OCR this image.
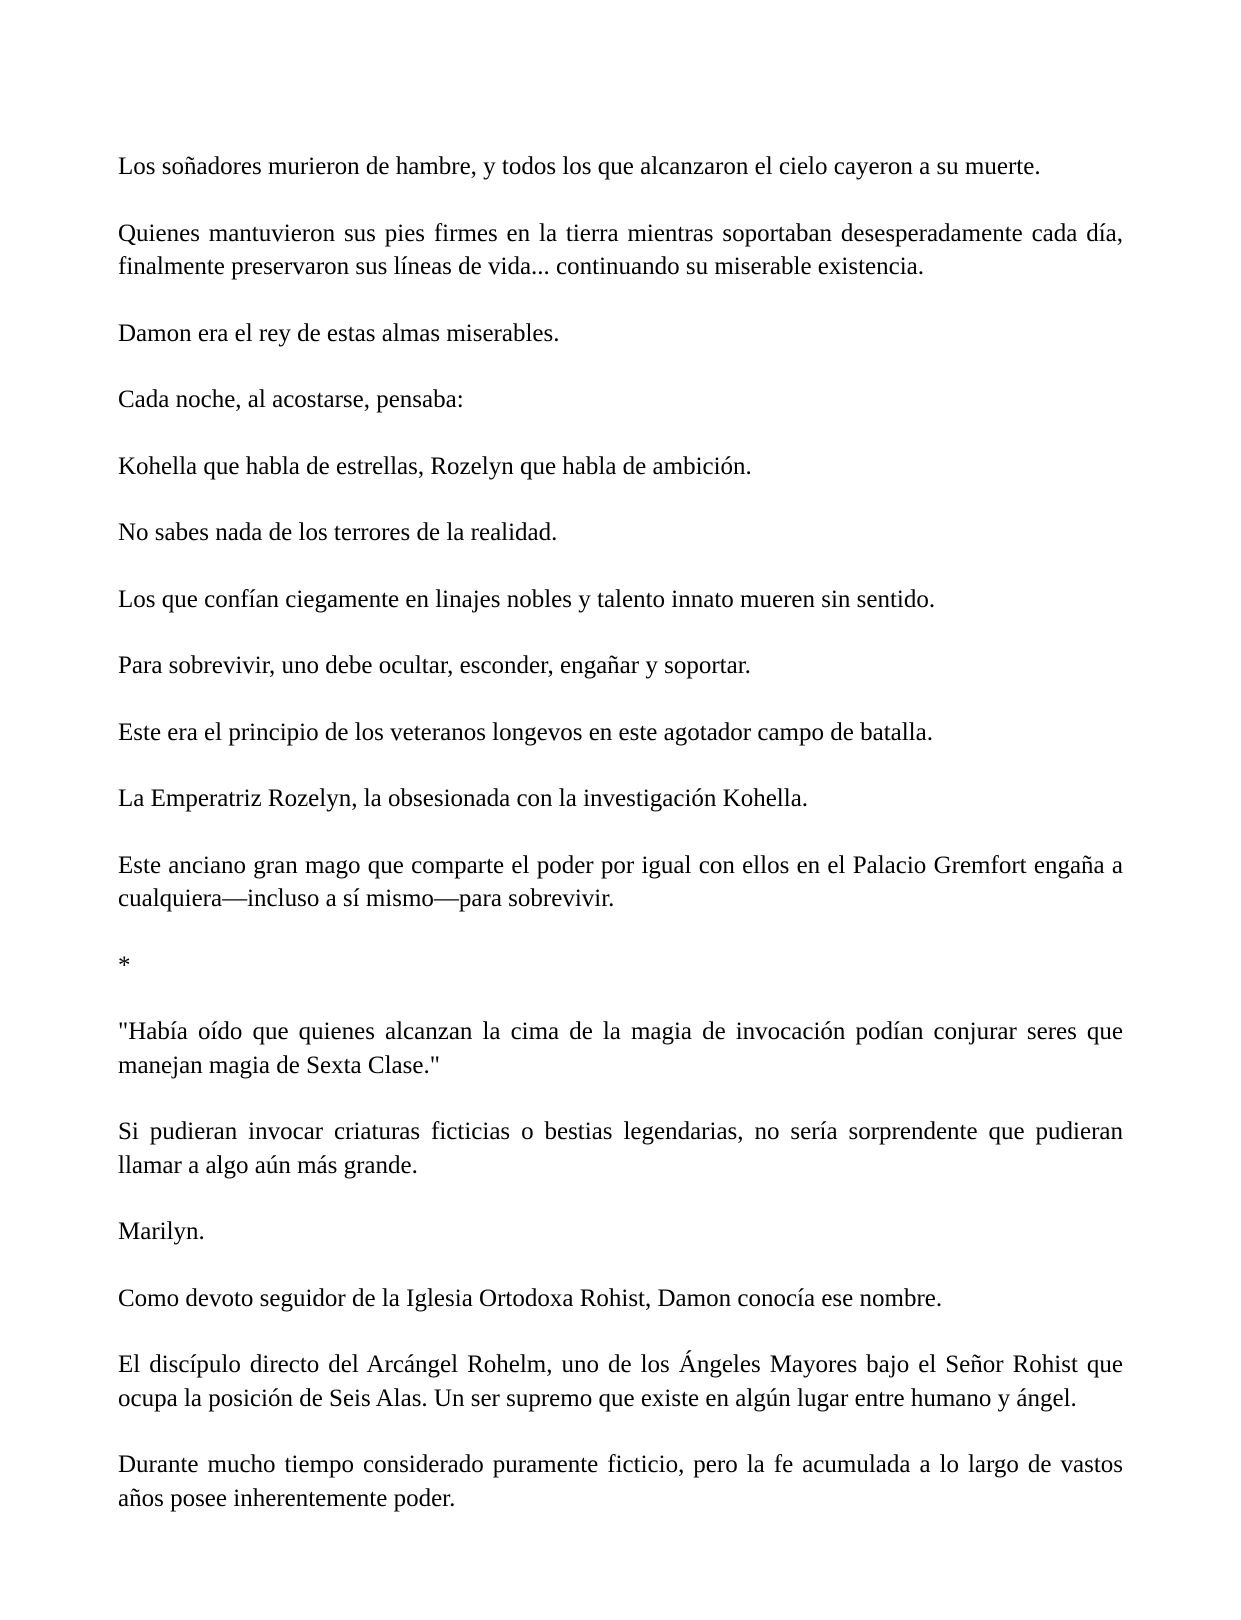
Los soñadores murieron de hambre, y todos los que alcanzaron el cielo cayeron a su muerte.

Quienes mantuvieron sus pies firmes en la tierra mientras soportaban desesperadamente cada día, finalmente preservaron sus líneas de vida... continuando su miserable existencia.

Damon era el rey de estas almas miserables.

Cada noche, al acostarse, pensaba:

Kohella que habla de estrellas, Rozelyn que habla de ambición.

No sabes nada de los terrores de la realidad.

Los que confían ciegamente en linajes nobles y talento innato mueren sin sentido.

Para sobrevivir, uno debe ocultar, esconder, engañar y soportar.

Este era el principio de los veteranos longevos en este agotador campo de batalla.

La Emperatriz Rozelyn, la obsesionada con la investigación Kohella.

Este anciano gran mago que comparte el poder por igual con ellos en el Palacio Gremfort engaña a cualquiera—incluso a sí mismo—para sobrevivir.

*

"Había oído que quienes alcanzan la cima de la magia de invocación podían conjurar seres que manejan magia de Sexta Clase."

Si pudieran invocar criaturas ficticias o bestias legendarias, no sería sorprendente que pudieran llamar a algo aún más grande.

Marilyn.

Como devoto seguidor de la Iglesia Ortodoxa Rohist, Damon conocía ese nombre.

El discípulo directo del Arcángel Rohelm, uno de los Ángeles Mayores bajo el Señor Rohist que ocupa la posición de Seis Alas. Un ser supremo que existe en algún lugar entre humano y ángel.

Durante mucho tiempo considerado puramente ficticio, pero la fe acumulada a lo largo de vastos años posee inherentemente poder.
